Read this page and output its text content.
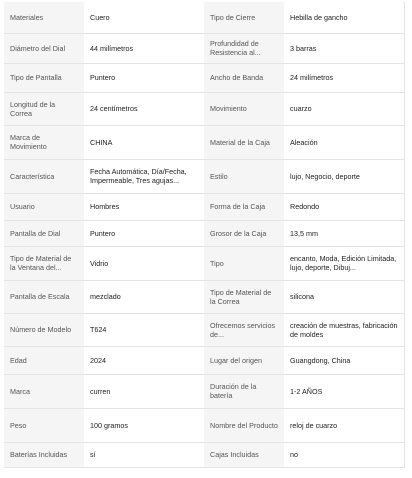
Materiales	Cuero	Tipo de Cierre	Hebilla de gancho
Diámetro del Dial	44 milímetros	Profundidad de Resistencia al...	3 barras
Tipo de Pantalla	Puntero	Ancho de Banda	24 milímetros
Longitud de la Correa	24 centímetros	Movimiento	cuarzo
Marca de Movimiento	CHINA	Material de la Caja	Aleación
Característica	Fecha Automática, Día/Fecha, Impermeable, Tres agujas...	Estilo	lujo, Negocio, deporte
Usuario	Hombres	Forma de la Caja	Redondo
Pantalla de Dial	Puntero	Grosor de la Caja	13,5 mm

Tipo de Material de la Ventana del...	Vidrio	Tipo	encanto, Moda, Edición Limitada, lujo, deporte, Dibuj...

Pantalla de Escala	mezclado	Tipo de Material de la Correa	silicona
Número de Modelo	T624	Ofrecemos servicios de...	creación de muestras, fabricación de moldes
Edad	2024	Lugar del origen	Guangdong, China
Marca	curren	Duración de la batería	1-2 AÑOS
Peso	100 gramos	Nombre del Producto	reloj de cuarzo
Baterías Incluidas	sí	Cajas Incluidas	no
